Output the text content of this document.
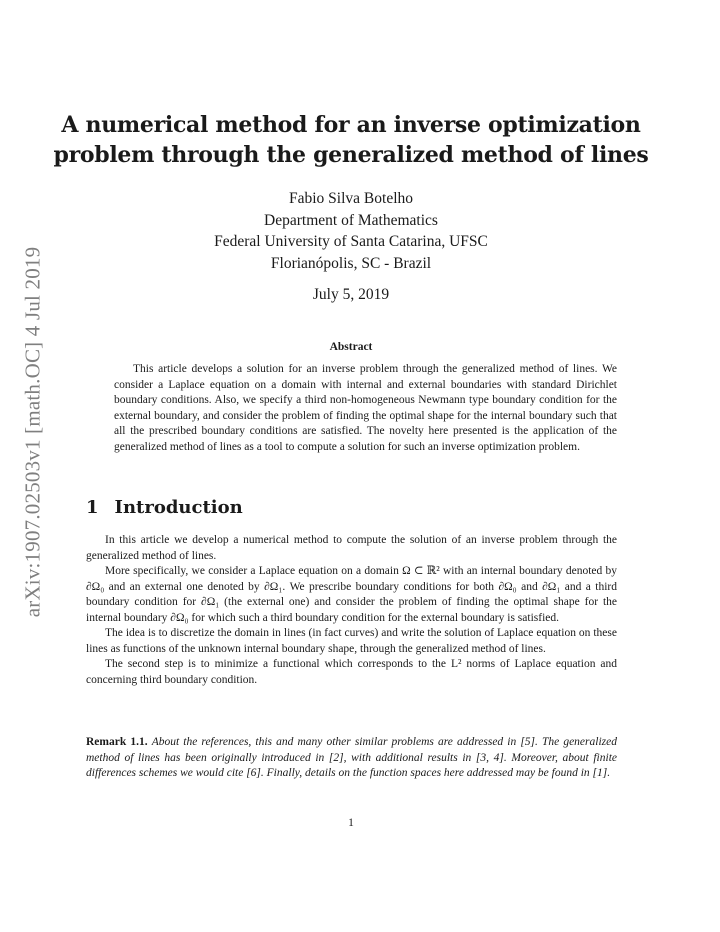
arXiv:1907.02503v1 [math.OC] 4 Jul 2019
A numerical method for an inverse optimization
problem through the generalized method of lines
Fabio Silva Botelho
Department of Mathematics
Federal University of Santa Catarina, UFSC
Florianópolis, SC - Brazil
July 5, 2019
Abstract
This article develops a solution for an inverse problem through the generalized method of lines. We consider a Laplace equation on a domain with internal and external boundaries with standard Dirichlet boundary conditions. Also, we specify a third non-homogeneous Newmann type boundary condition for the external boundary, and consider the problem of finding the optimal shape for the internal boundary such that all the prescribed boundary conditions are satisfied. The novelty here presented is the application of the generalized method of lines as a tool to compute a solution for such an inverse optimization problem.
1 Introduction

In this article we develop a numerical method to compute the solution of an inverse problem through the generalized method of lines.

More specifically, we consider a Laplace equation on a domain Ω ⊂ ℝ² with an internal boundary denoted by ∂Ω₀ and an external one denoted by ∂Ω₁. We prescribe boundary conditions for both ∂Ω₀ and ∂Ω₁ and a third boundary condition for ∂Ω₁ (the external one) and consider the problem of finding the optimal shape for the internal boundary ∂Ω₀ for which such a third boundary condition for the external boundary is satisfied.

The idea is to discretize the domain in lines (in fact curves) and write the solution of Laplace equation on these lines as functions of the unknown internal boundary shape, through the generalized method of lines.

The second step is to minimize a functional which corresponds to the L² norms of Laplace equation and concerning third boundary condition.

Remark 1.1. About the references, this and many other similar problems are addressed in [5]. The generalized method of lines has been originally introduced in [2], with additional results in [3, 4]. Moreover, about finite differences schemes we would cite [6]. Finally, details on the function spaces here addressed may be found in [1].
1
